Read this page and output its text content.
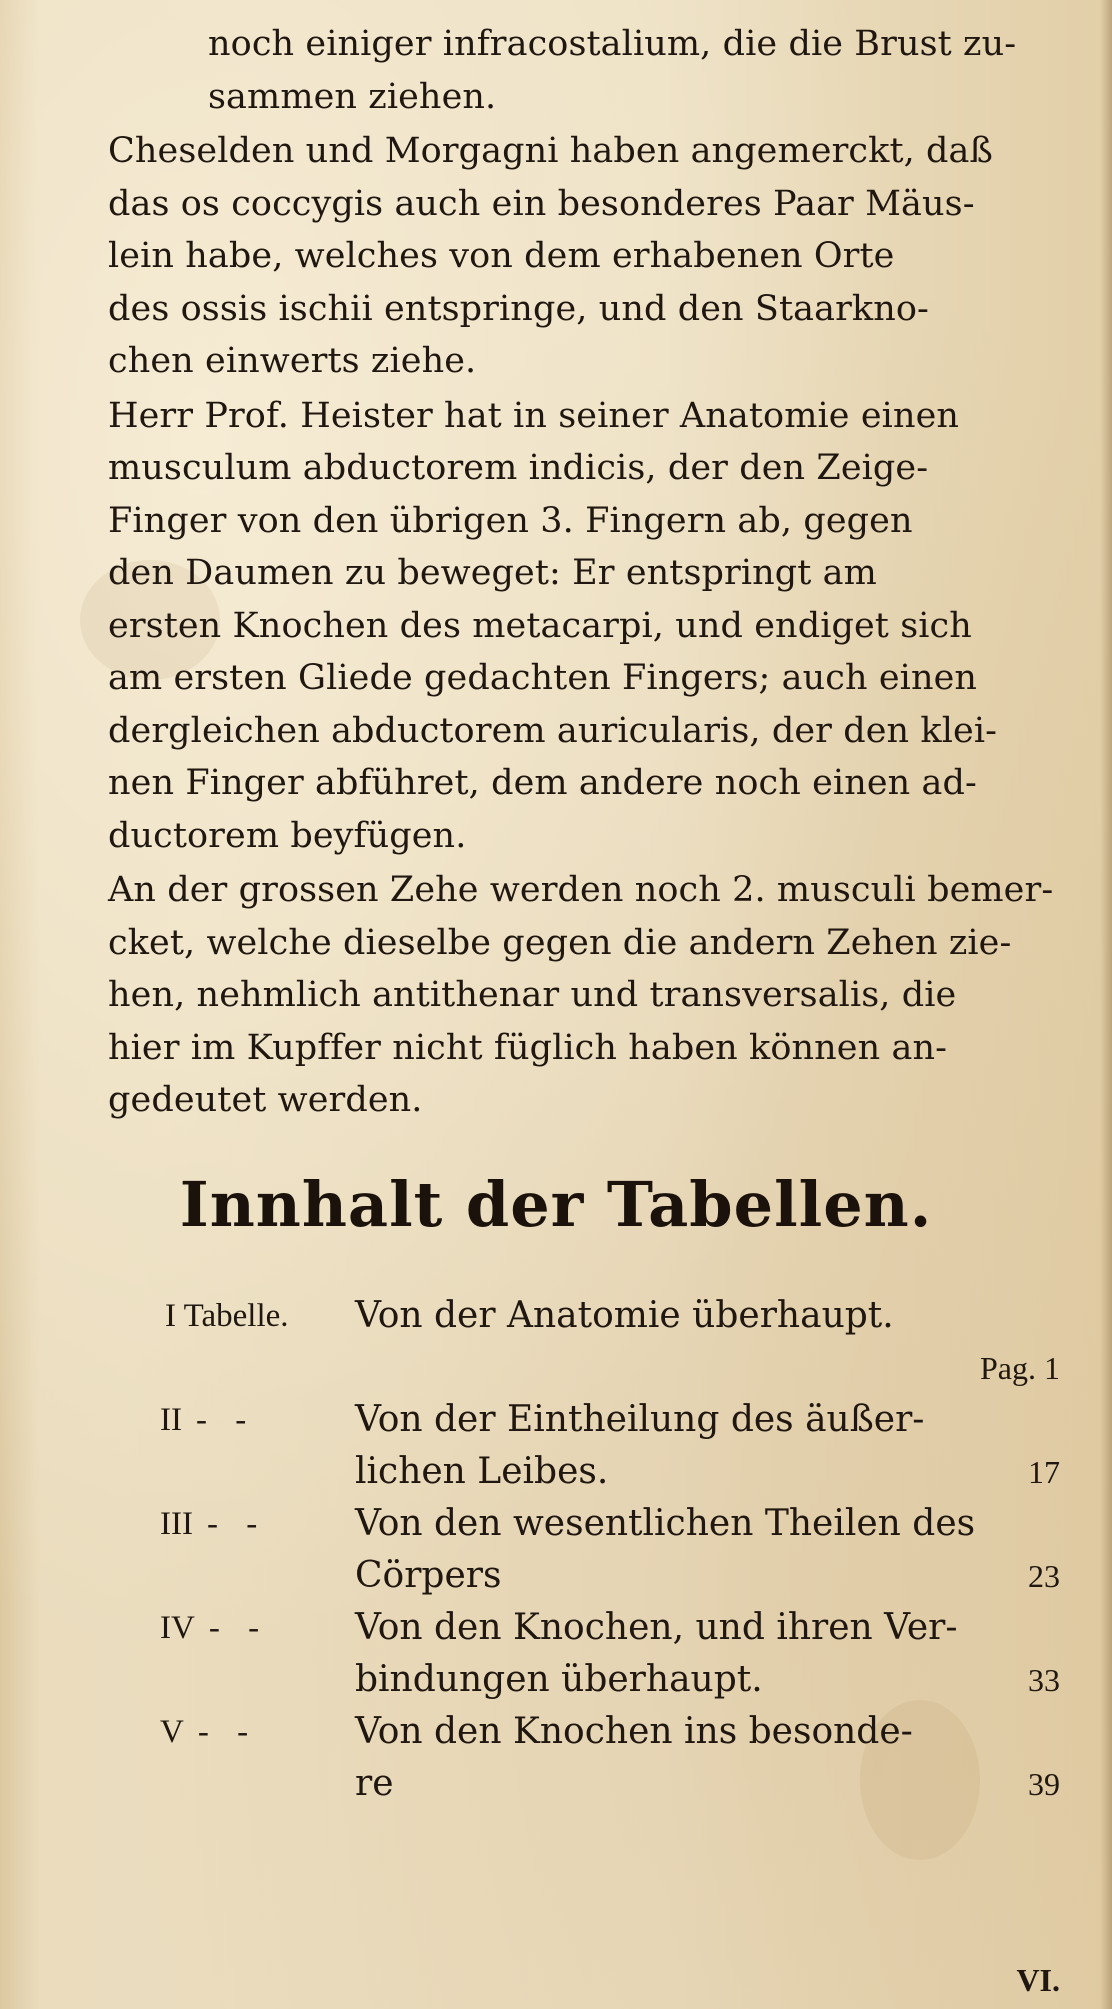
noch einiger infracostalium, die die Brust zu-
sammen ziehen.
Cheselden und Morgagni haben angemerckt, daß
das os coccygis auch ein besonderes Paar Mäus-
lein habe, welches von dem erhabenen Orte
des ossis ischii entspringe, und den Staarkno-
chen einwerts ziehe.
Herr Prof. Heister hat in seiner Anatomie einen
musculum abductorem indicis, der den Zeige-
Finger von den übrigen 3. Fingern ab, gegen
den Daumen zu beweget: Er entspringt am
ersten Knochen des metacarpi, und endiget sich
am ersten Gliede gedachten Fingers; auch einen
dergleichen abductorem auricularis, der den klei-
nen Finger abführet, dem andere noch einen ad-
ductorem beyfügen.
An der grossen Zehe werden noch 2. musculi bemer-
cket, welche dieselbe gegen die andern Zehen zie-
hen, nehmlich antithenar und transversalis, die
hier im Kupffer nicht füglich haben können an-
gedeutet werden.
Innhalt der Tabellen.
I Tabelle.	Von der Anatomie überhaupt.
Pag. 1
II - -	Von der Eintheilung des äußer-
lichen Leibes.	17
III - -	Von den wesentlichen Theilen des
Cörpers	23
IV - -	Von den Knochen, und ihren Ver-
bindungen überhaupt.	33
V - -	Von den Knochen ins besonde-
re	39
VI.
